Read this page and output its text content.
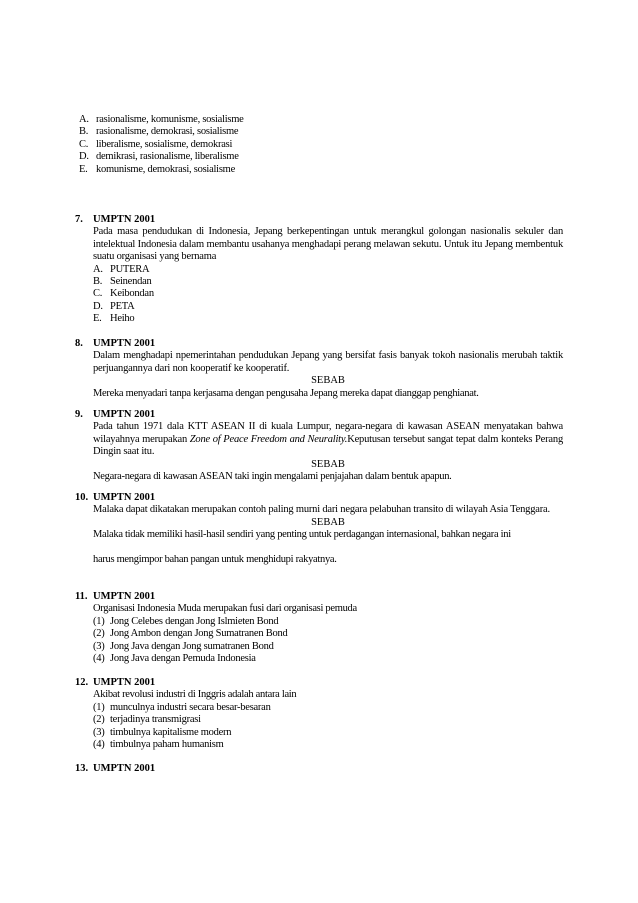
A. rasionalisme, komunisme, sosialisme
B. rasionalisme, demokrasi, sosialisme
C. liberalisme, sosialisme, demokrasi
D. demikrasi, rasionalisme, liberalisme
E. komunisme, demokrasi, sosialisme
7. UMPTN 2001
Pada masa pendudukan di Indonesia, Jepang berkepentingan untuk merangkul golongan nasionalis sekuler dan intelektual Indonesia dalam membantu usahanya menghadapi perang melawan sekutu. Untuk itu Jepang membentuk suatu organisasi yang bernama
A. PUTERA
B. Seinendan
C. Keibondan
D. PETA
E. Heiho
8. UMPTN 2001
Dalam menghadapi npemerintahan pendudukan Jepang yang bersifat fasis banyak tokoh nasionalis merubah taktik perjuangannya dari non kooperatif ke kooperatif.
SEBAB
Mereka menyadari tanpa kerjasama dengan pengusaha Jepang mereka dapat dianggap penghianat.
9. UMPTN 2001
Pada tahun 1971 dala KTT ASEAN II di kuala Lumpur, negara-negara di kawasan ASEAN menyatakan bahwa wilayahnya merupakan Zone of Peace Freedom and Neurality.Keputusan tersebut sangat tepat dalm konteks Perang Dingin saat itu.
SEBAB
Negara-negara di kawasan ASEAN taki ingin mengalami penjajahan dalam bentuk apapun.
10. UMPTN 2001
Malaka dapat dikatakan merupakan contoh paling murni dari negara pelabuhan transito di wilayah Asia Tenggara.
SEBAB
Malaka tidak memiliki hasil-hasil sendiri yang penting untuk perdagangan internasional, bahkan negara ini
harus mengimpor bahan pangan untuk menghidupi rakyatnya.
11. UMPTN 2001
Organisasi Indonesia Muda merupakan fusi dari organisasi pemuda
(1) Jong Celebes dengan Jong Islmieten Bond
(2) Jong Ambon dengan Jong Sumatranen Bond
(3) Jong Java dengan Jong sumatranen Bond
(4) Jong Java dengan Pemuda Indonesia
12. UMPTN 2001
Akibat revolusi industri di Inggris adalah antara lain
(1) munculnya industri secara besar-besaran
(2) terjadinya transmigrasi
(3) timbulnya kapitalisme modern
(4) timbulnya paham humanism
13. UMPTN 2001
